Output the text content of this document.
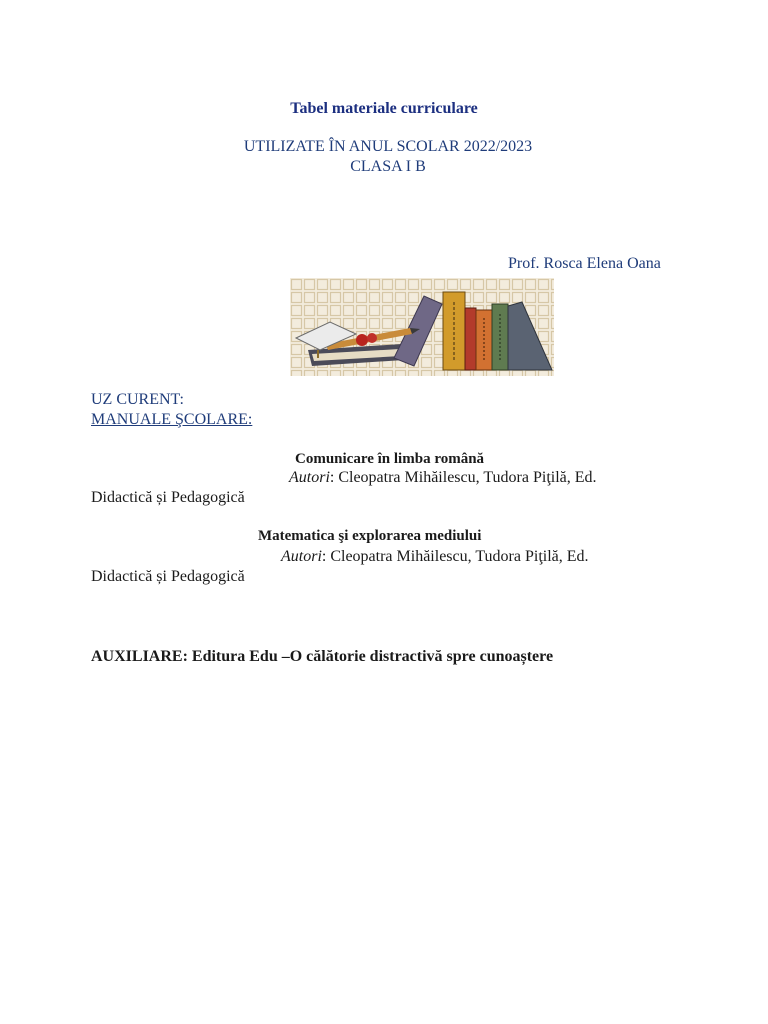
Tabel materiale curriculare
UTILIZATE ÎN ANUL SCOLAR 2022/2023
CLASA I B
Prof. Rosca Elena Oana
UZ CURENT:
MANUALE ŞCOLARE:
Comunicare în limba română
Autori: Cleopatra Mihăilescu, Tudora Piţilă, Ed.
Didactică și Pedagogică
Matematica şi explorarea mediului
Autori: Cleopatra Mihăilescu, Tudora Piţilă, Ed.
Didactică și Pedagogică
AUXILIARE: Editura Edu –O călătorie distractivă spre cunoaștere
